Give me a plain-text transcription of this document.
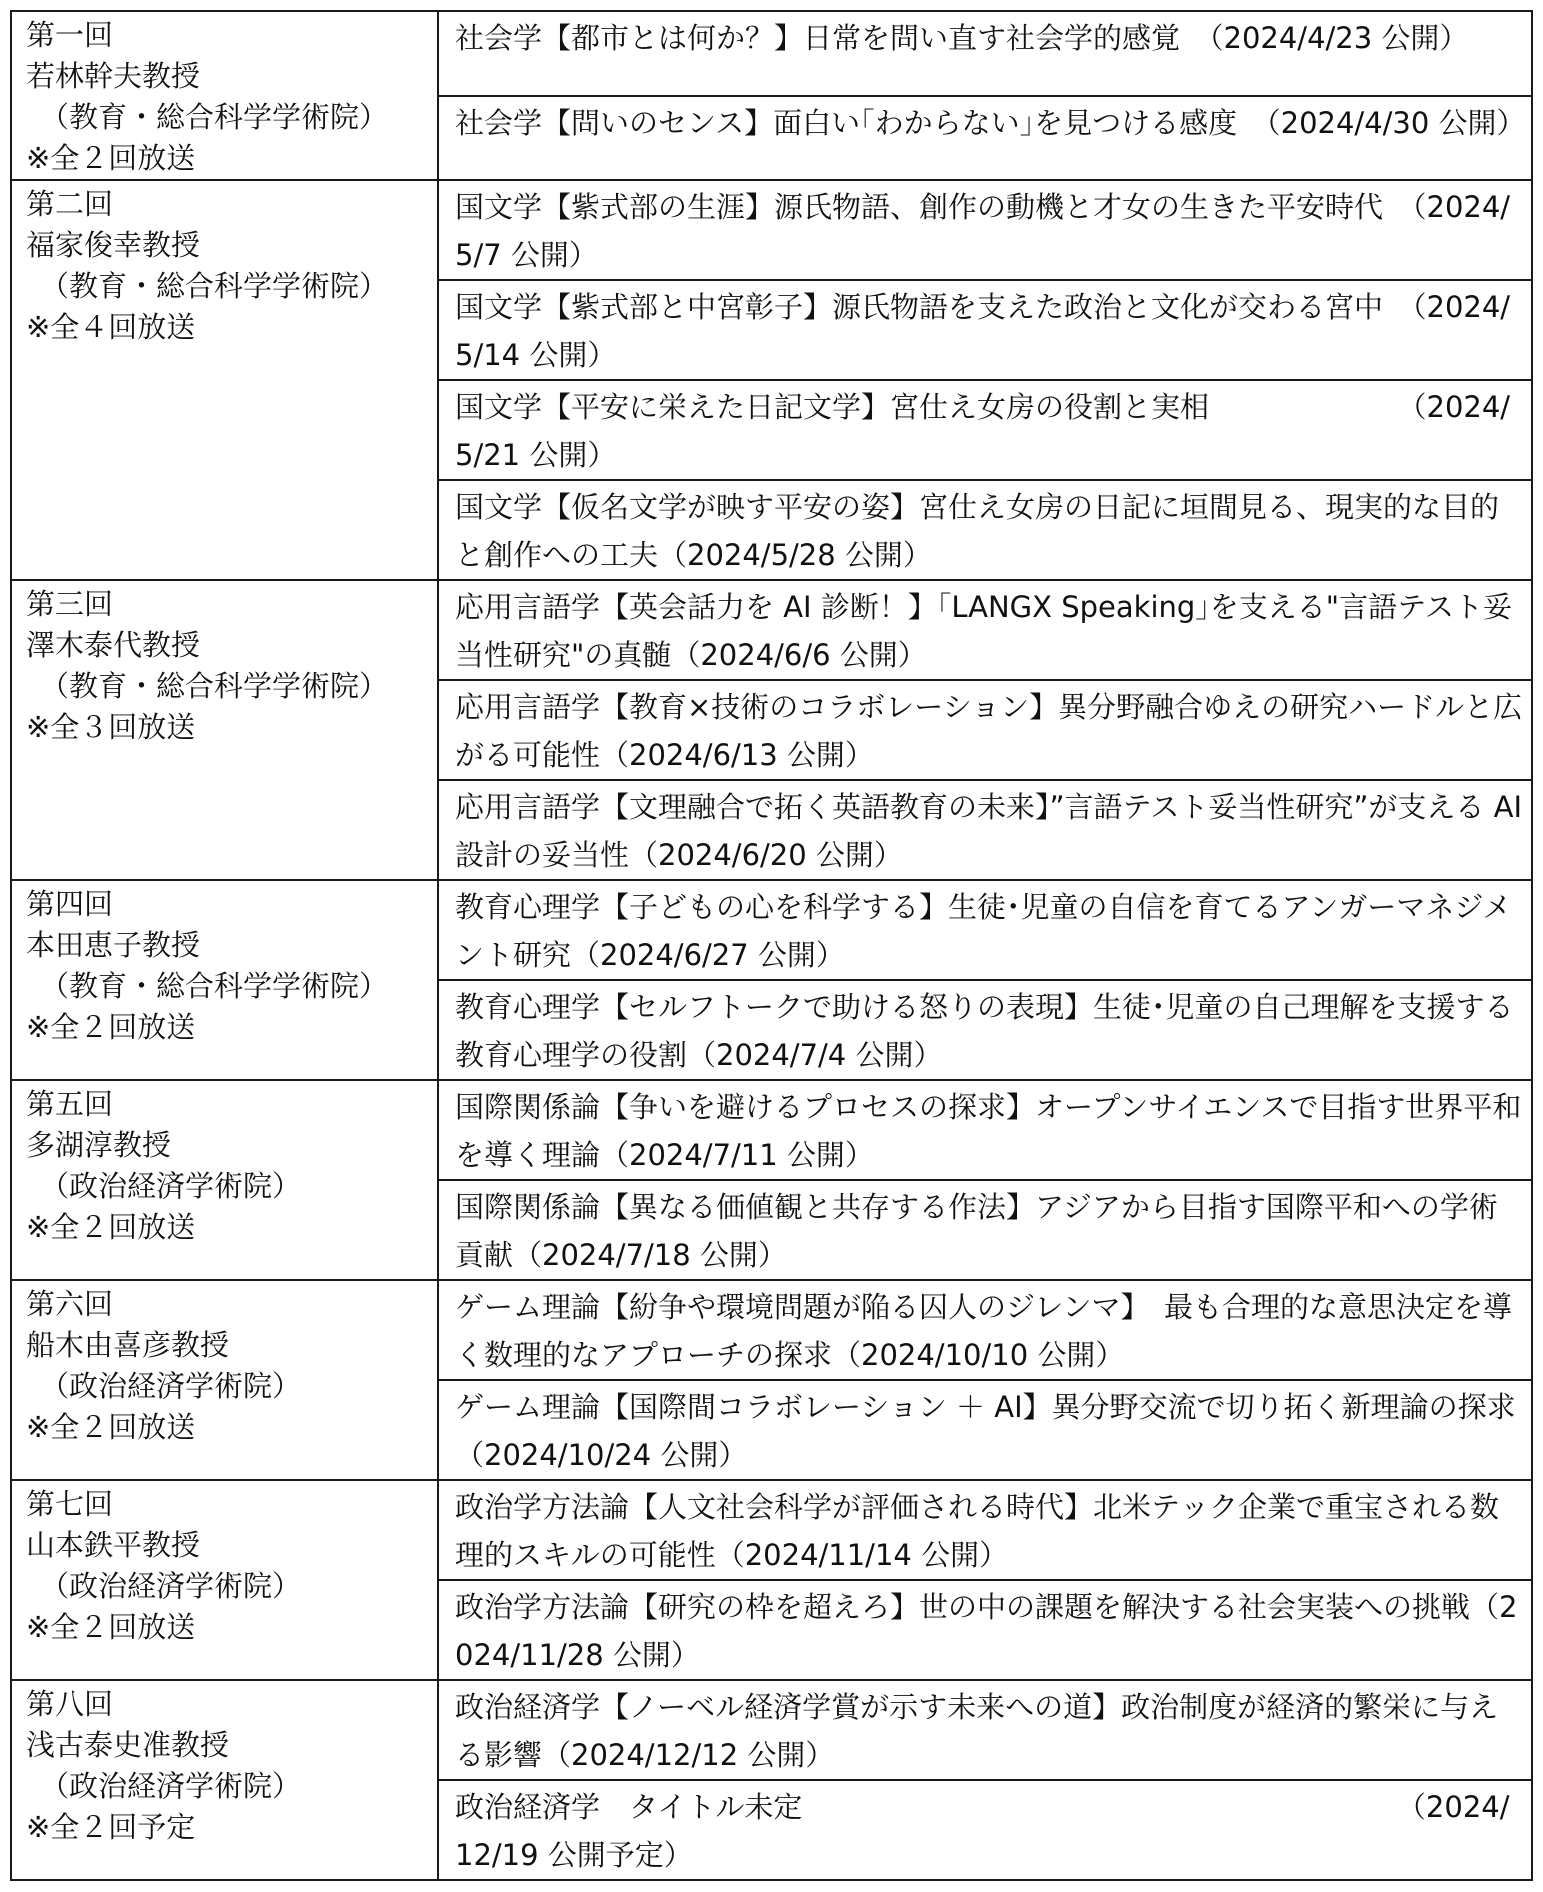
第一回
若林幹夫教授
（教育・総合科学学術院）
※全２回放送	社会学【都市とは何か？】日常を問い直す社会学的感覚　（2024/4/23 公開）
	社会学【問いのセンス】面白い｢わからない｣を見つける感度　（2024/4/30 公開）

第二回
福家俊幸教授
（教育・総合科学学術院）
※全４回放送	国文学【紫式部の生涯】源氏物語、創作の動機と才女の生きた平安時代　（2024/5/7 公開）
	国文学【紫式部と中宮彰子】源氏物語を支えた政治と文化が交わる宮中　（2024/5/14 公開）
	国文学【平安に栄えた日記文学】宮仕え女房の役割と実相　　　　　　　（2024/5/21 公開）
	国文学【仮名文学が映す平安の姿】宮仕え女房の日記に垣間見る、現実的な目的と創作への工夫（2024/5/28 公開）

第三回
澤木泰代教授
（教育・総合科学学術院）
※全３回放送	応用言語学【英会話力を AI 診断！】｢LANGX Speaking｣を支える"言語テスト妥当性研究"の真髄（2024/6/6 公開）
	応用言語学【教育×技術のコラボレーション】異分野融合ゆえの研究ハードルと広がる可能性（2024/6/13 公開）
	応用言語学【文理融合で拓く英語教育の未来】”言語テスト妥当性研究”が支える AI 設計の妥当性（2024/6/20 公開）

第四回
本田恵子教授
（教育・総合科学学術院）
※全２回放送	教育心理学【子どもの心を科学する】生徒･児童の自信を育てるアンガーマネジメント研究（2024/6/27 公開）
	教育心理学【セルフトークで助ける怒りの表現】生徒･児童の自己理解を支援する教育心理学の役割（2024/7/4 公開）

第五回
多湖淳教授
（政治経済学術院）
※全２回放送	国際関係論【争いを避けるプロセスの探求】オープンサイエンスで目指す世界平和を導く理論（2024/7/11 公開）
	国際関係論【異なる価値観と共存する作法】アジアから目指す国際平和への学術貢献（2024/7/18 公開）

第六回
船木由喜彦教授
（政治経済学術院）
※全２回放送	ゲーム理論【紛争や環境問題が陥る囚人のジレンマ】　最も合理的な意思決定を導く数理的なアプローチの探求（2024/10/10 公開）
	ゲーム理論【国際間コラボレーション ＋ AI】異分野交流で切り拓く新理論の探求（2024/10/24 公開）

第七回
山本鉄平教授
（政治経済学術院）
※全２回放送	政治学方法論【人文社会科学が評価される時代】北米テック企業で重宝される数理的スキルの可能性（2024/11/14 公開）
	政治学方法論【研究の枠を超えろ】世の中の課題を解決する社会実装への挑戦（2024/11/28 公開）

第八回
浅古泰史准教授
（政治経済学術院）
※全２回予定	政治経済学【ノーベル経済学賞が示す未来への道】政治制度が経済的繁栄に与える影響（2024/12/12 公開）
	政治経済学　タイトル未定　　　　　　　　　　　　　　　　　　　　　（2024/12/19 公開予定）
